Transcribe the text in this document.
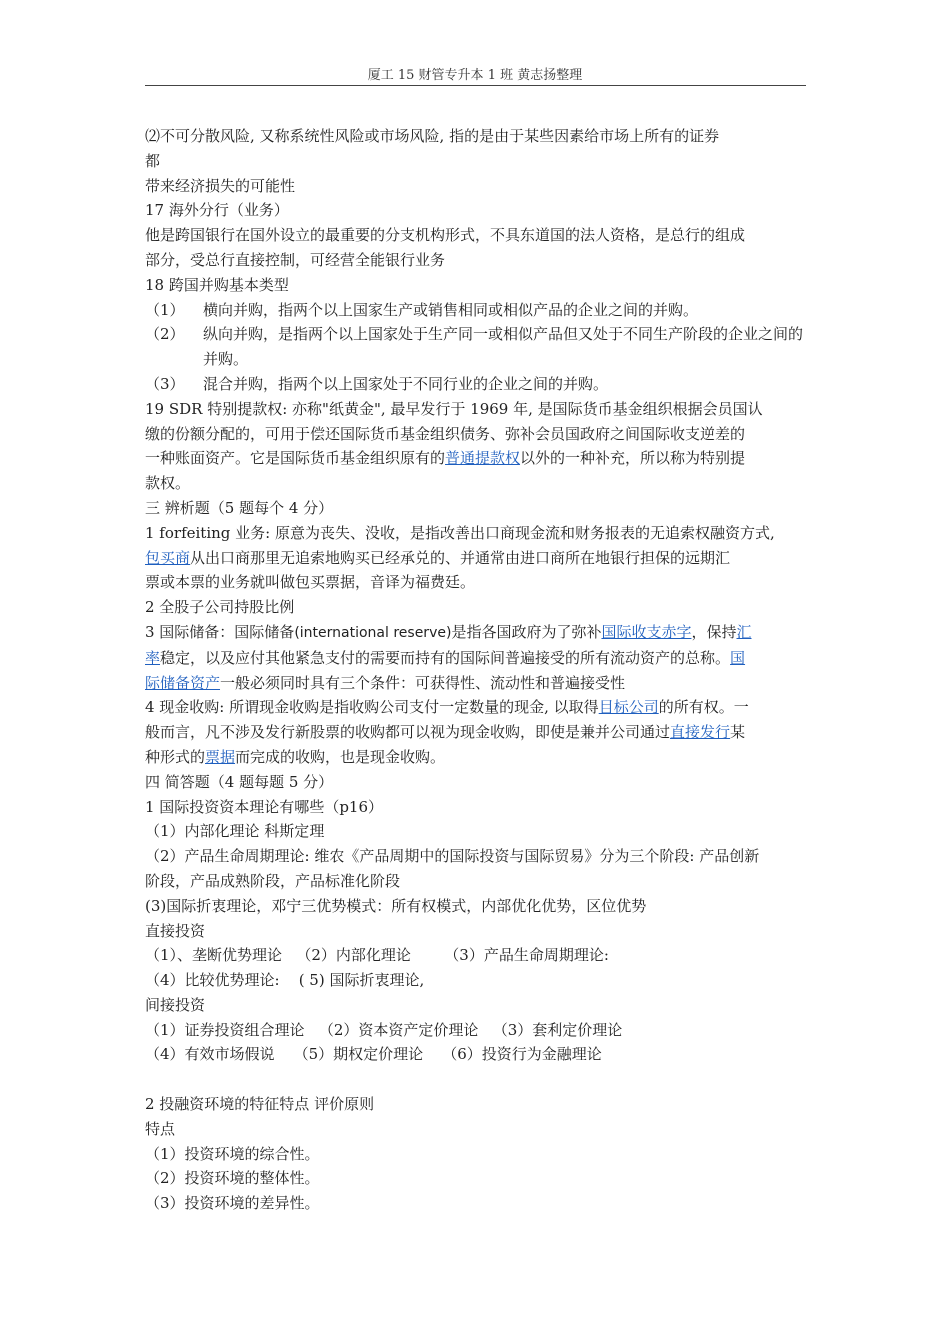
厦工 15 财管专升本 1 班 黄志扬整理

⑵不可分散风险, 又称系统性风险或市场风险, 指的是由于某些因素给市场上所有的证券

都

带来经济损失的可能性

17 海外分行（业务）

他是跨国银行在国外设立的最重要的分支机构形式，不具东道国的法人资格，是总行的组成

部分，受总行直接控制，可经营全能银行业务

18 跨国并购基本类型

（1） 横向并购，指两个以上国家生产或销售相同或相似产品的企业之间的并购。
（2） 纵向并购，是指两个以上国家处于生产同一或相似产品但又处于不同生产阶段的企业之间的并购。
（3） 混合并购，指两个以上国家处于不同行业的企业之间的并购。

19 SDR 特别提款权: 亦称"纸黄金", 最早发行于 1969 年, 是国际货币基金组织根据会员国认

缴的份额分配的，可用于偿还国际货币基金组织债务、弥补会员国政府之间国际收支逆差的

一种账面资产。它是国际货币基金组织原有的普通提款权以外的一种补充，所以称为特别提

款权。

三 辨析题（5 题每个 4 分）

1 forfeiting 业务: 原意为丧失、没收，是指改善出口商现金流和财务报表的无追索权融资方式,

包买商从出口商那里无追索地购买已经承兑的、并通常由进口商所在地银行担保的远期汇

票或本票的业务就叫做包买票据，音译为福费廷。

2 全股子公司持股比例

3 国际储备：国际储备(international reserve)是指各国政府为了弥补国际收支赤字，保持汇

率稳定，以及应付其他紧急支付的需要而持有的国际间普遍接受的所有流动资产的总称。国

际储备资产一般必须同时具有三个条件：可获得性、流动性和普遍接受性

4 现金收购: 所谓现金收购是指收购公司支付一定数量的现金, 以取得目标公司的所有权。一

般而言，凡不涉及发行新股票的收购都可以视为现金收购，即使是兼并公司通过直接发行某

种形式的票据而完成的收购，也是现金收购。

四 简答题（4 题每题 5 分）

1 国际投资资本理论有哪些（p16）

（1）内部化理论 科斯定理

（2）产品生命周期理论: 维农《产品周期中的国际投资与国际贸易》分为三个阶段: 产品创新

阶段，产品成熟阶段，产品标准化阶段

(3)国际折衷理论，邓宁三优势模式：所有权模式，内部优化优势，区位优势

直接投资

（1）、垄断优势理论 （2）内部化理论 （3）产品生命周期理论:

（4）比较优势理论: ( 5) 国际折衷理论,

间接投资

（1）证券投资组合理论 （2）资本资产定价理论 （3）套利定价理论

（4）有效市场假说 （5）期权定价理论 （6）投资行为金融理论

2 投融资环境的特征特点 评价原则

特点

（1）投资环境的综合性。

（2）投资环境的整体性。

（3）投资环境的差异性。
